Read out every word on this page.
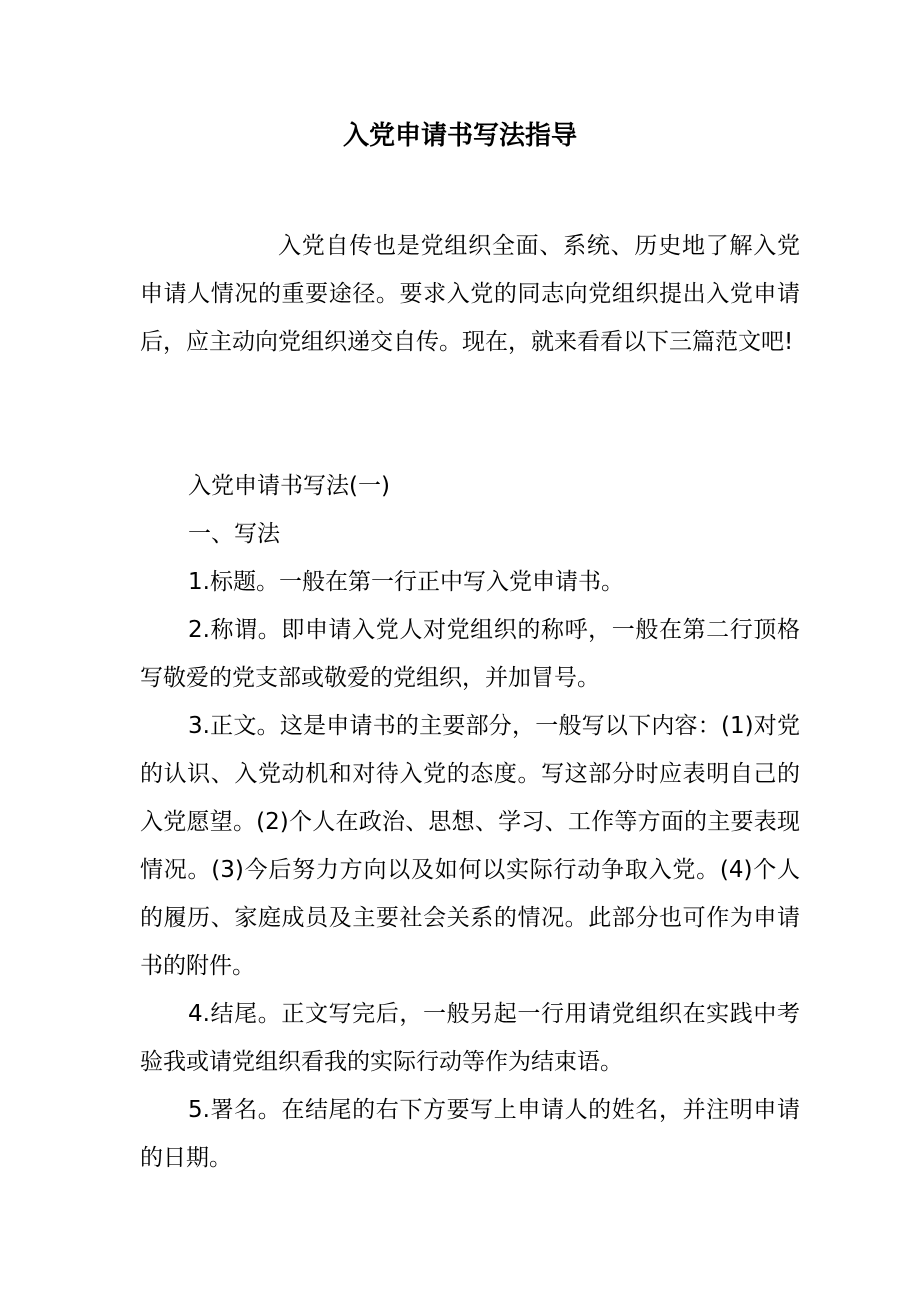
入党申请书写法指导
入党自传也是党组织全面、系统、历史地了解入党申请人情况的重要途径。要求入党的同志向党组织提出入党申请后，应主动向党组织递交自传。现在，就来看看以下三篇范文吧!
入党申请书写法(一)
一、写法
1.标题。一般在第一行正中写入党申请书。
2.称谓。即申请入党人对党组织的称呼，一般在第二行顶格写敬爱的党支部或敬爱的党组织，并加冒号。
3.正文。这是申请书的主要部分，一般写以下内容：(1)对党的认识、入党动机和对待入党的态度。写这部分时应表明自己的入党愿望。(2)个人在政治、思想、学习、工作等方面的主要表现情况。(3)今后努力方向以及如何以实际行动争取入党。(4)个人的履历、家庭成员及主要社会关系的情况。此部分也可作为申请书的附件。
4.结尾。正文写完后，一般另起一行用请党组织在实践中考验我或请党组织看我的实际行动等作为结束语。
5.署名。在结尾的右下方要写上申请人的姓名，并注明申请的日期。
